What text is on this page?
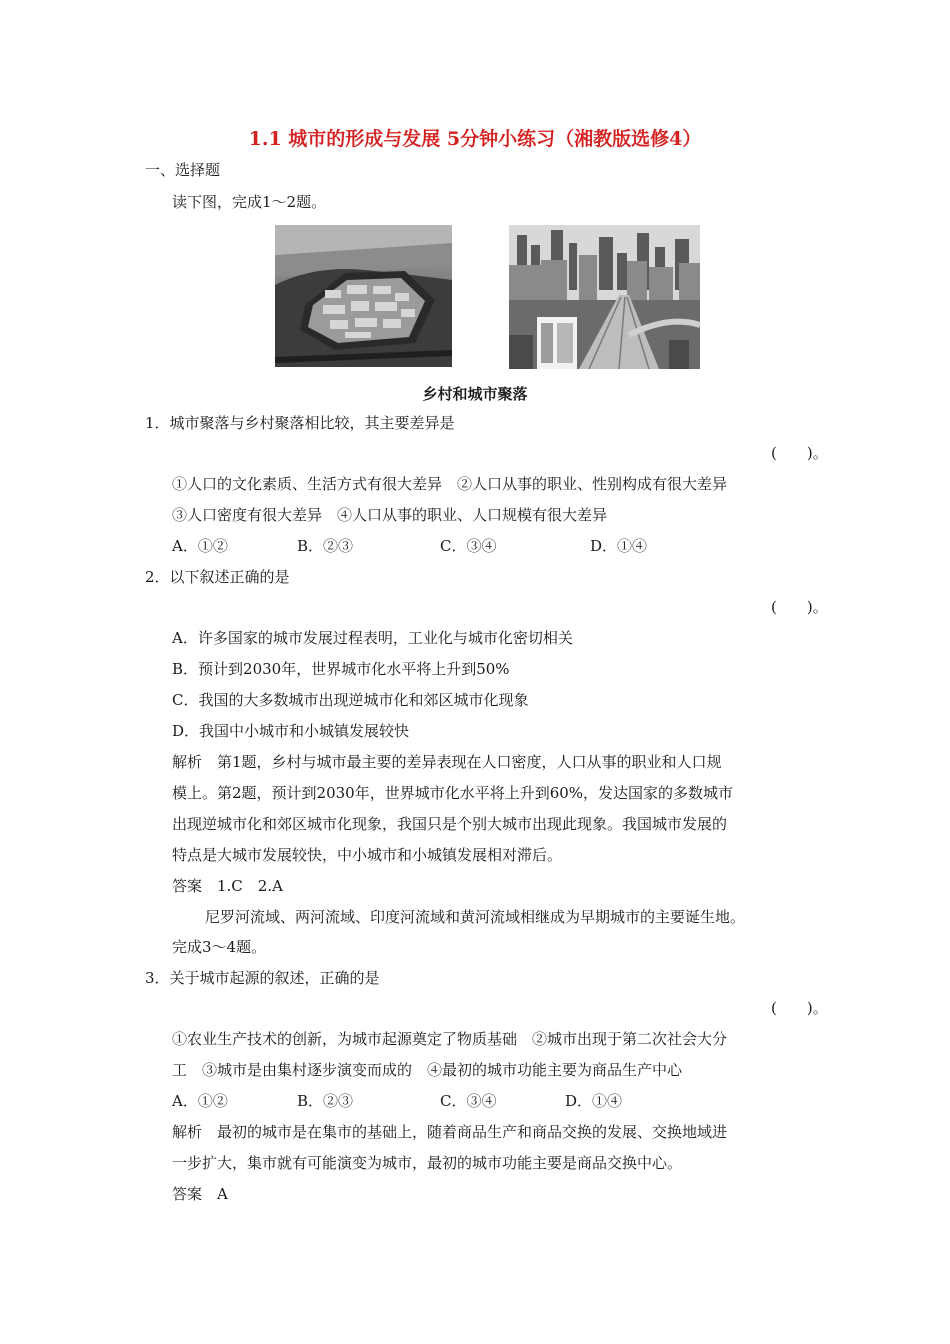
1.1 城市的形成与发展 5分钟小练习（湘教版选修4）
一、选择题
读下图，完成1～2题。
乡村和城市聚落
1．城市聚落与乡村聚落相比较，其主要差异是
(　　)。
①人口的文化素质、生活方式有很大差异　②人口从事的职业、性别构成有很大差异
③人口密度有很大差异　④人口从事的职业、人口规模有很大差异
A．①②	B．②③	C．③④	D．①④
2．以下叙述正确的是
(　　)。
A．许多国家的城市发展过程表明，工业化与城市化密切相关
B．预计到2030年，世界城市化水平将上升到50%
C．我国的大多数城市出现逆城市化和郊区城市化现象
D．我国中小城市和小城镇发展较快
解析　第1题，乡村与城市最主要的差异表现在人口密度，人口从事的职业和人口规
模上。第2题，预计到2030年，世界城市化水平将上升到60%，发达国家的多数城市
出现逆城市化和郊区城市化现象，我国只是个别大城市出现此现象。我国城市发展的
特点是大城市发展较快，中小城市和小城镇发展相对滞后。
答案　1.C　2.A
尼罗河流域、两河流域、印度河流域和黄河流域相继成为早期城市的主要诞生地。
完成3～4题。
3．关于城市起源的叙述，正确的是
(　　)。
①农业生产技术的创新，为城市起源奠定了物质基础　②城市出现于第二次社会大分
工　③城市是由集村逐步演变而成的　④最初的城市功能主要为商品生产中心
A．①②	B．②③	C．③④	D．①④
解析　最初的城市是在集市的基础上，随着商品生产和商品交换的发展、交换地域进
一步扩大，集市就有可能演变为城市，最初的城市功能主要是商品交换中心。
答案　A
